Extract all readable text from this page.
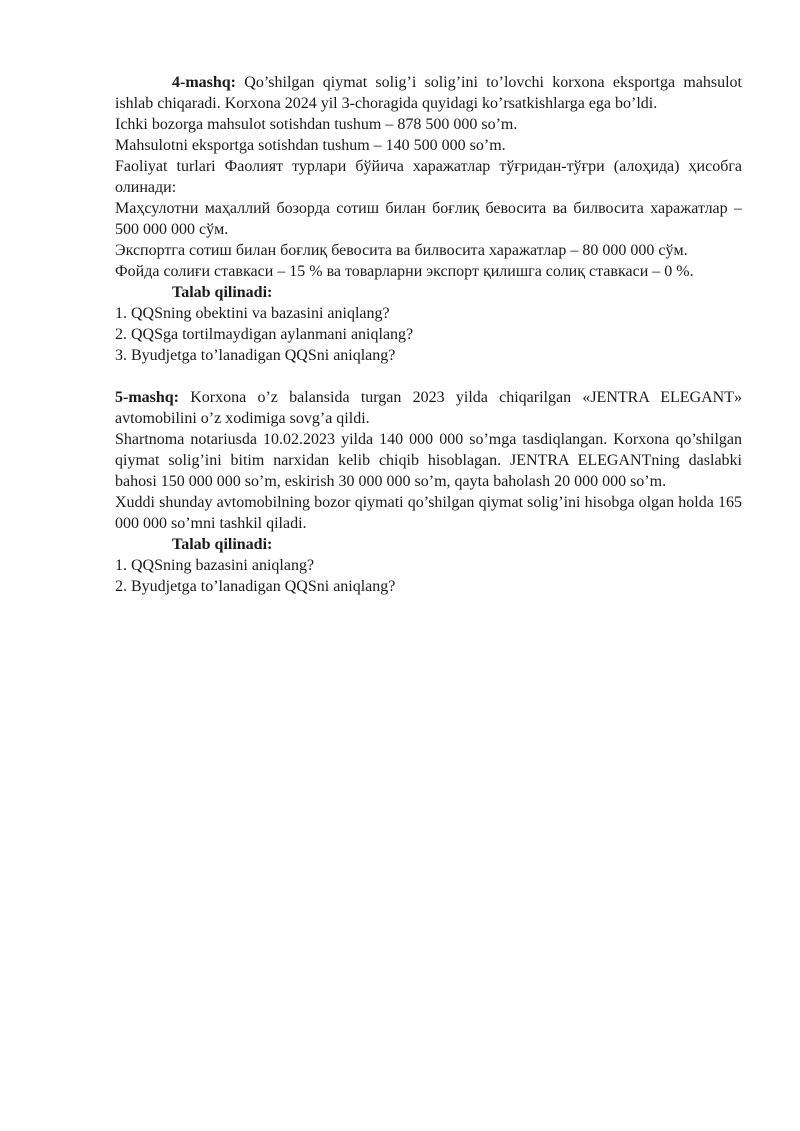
4-mashq: Qo’shilgan qiymat solig’i solig’ini to’lovchi korxona eksportga mahsulot ishlab chiqaradi. Korxona 2024 yil 3-choragida quyidagi ko’rsatkishlarga ega bo’ldi.

Ichki bozorga mahsulot sotishdan tushum – 878 500 000 so’m.

Mahsulotni eksportga sotishdan tushum – 140 500 000 so’m.

Faoliyat turlari Фаолият турлари бўйича харажатлар тўғридан-тўғри (алоҳида) ҳисобга олинади:

Маҳсулотни маҳаллий бозорда сотиш билан боғлиқ бевосита ва билвосита харажатлар – 500 000 000 сўм.

Экспортга сотиш билан боғлиқ бевосита ва билвосита харажатлар – 80 000 000 сўм.

Фойда солиғи ставкаси – 15 % ва товарларни экспорт қилишга солиқ ставкаси – 0 %.

Talab qilinadi:

1. QQSning obektini va bazasini aniqlang?

2. QQSga tortilmaydigan aylanmani aniqlang?

3. Byudjetga to’lanadigan QQSni aniqlang?

5-mashq: Korxona o’z balansida turgan 2023 yilda chiqarilgan «JENTRA ELEGANT» avtomobilini o’z xodimiga sovg’a qildi.

Shartnoma notariusda 10.02.2023 yilda 140 000 000 so’mga tasdiqlangan. Korxona qo’shilgan qiymat solig’ini bitim narxidan kelib chiqib hisoblagan. JENTRA ELEGANTning daslabki bahosi 150 000 000 so’m, eskirish 30 000 000 so’m, qayta baholash 20 000 000 so’m.

Xuddi shunday avtomobilning bozor qiymati qo’shilgan qiymat solig’ini hisobga olgan holda 165 000 000 so’mni tashkil qiladi.

Talab qilinadi:

1. QQSning bazasini aniqlang?

2. Byudjetga to’lanadigan QQSni aniqlang?
